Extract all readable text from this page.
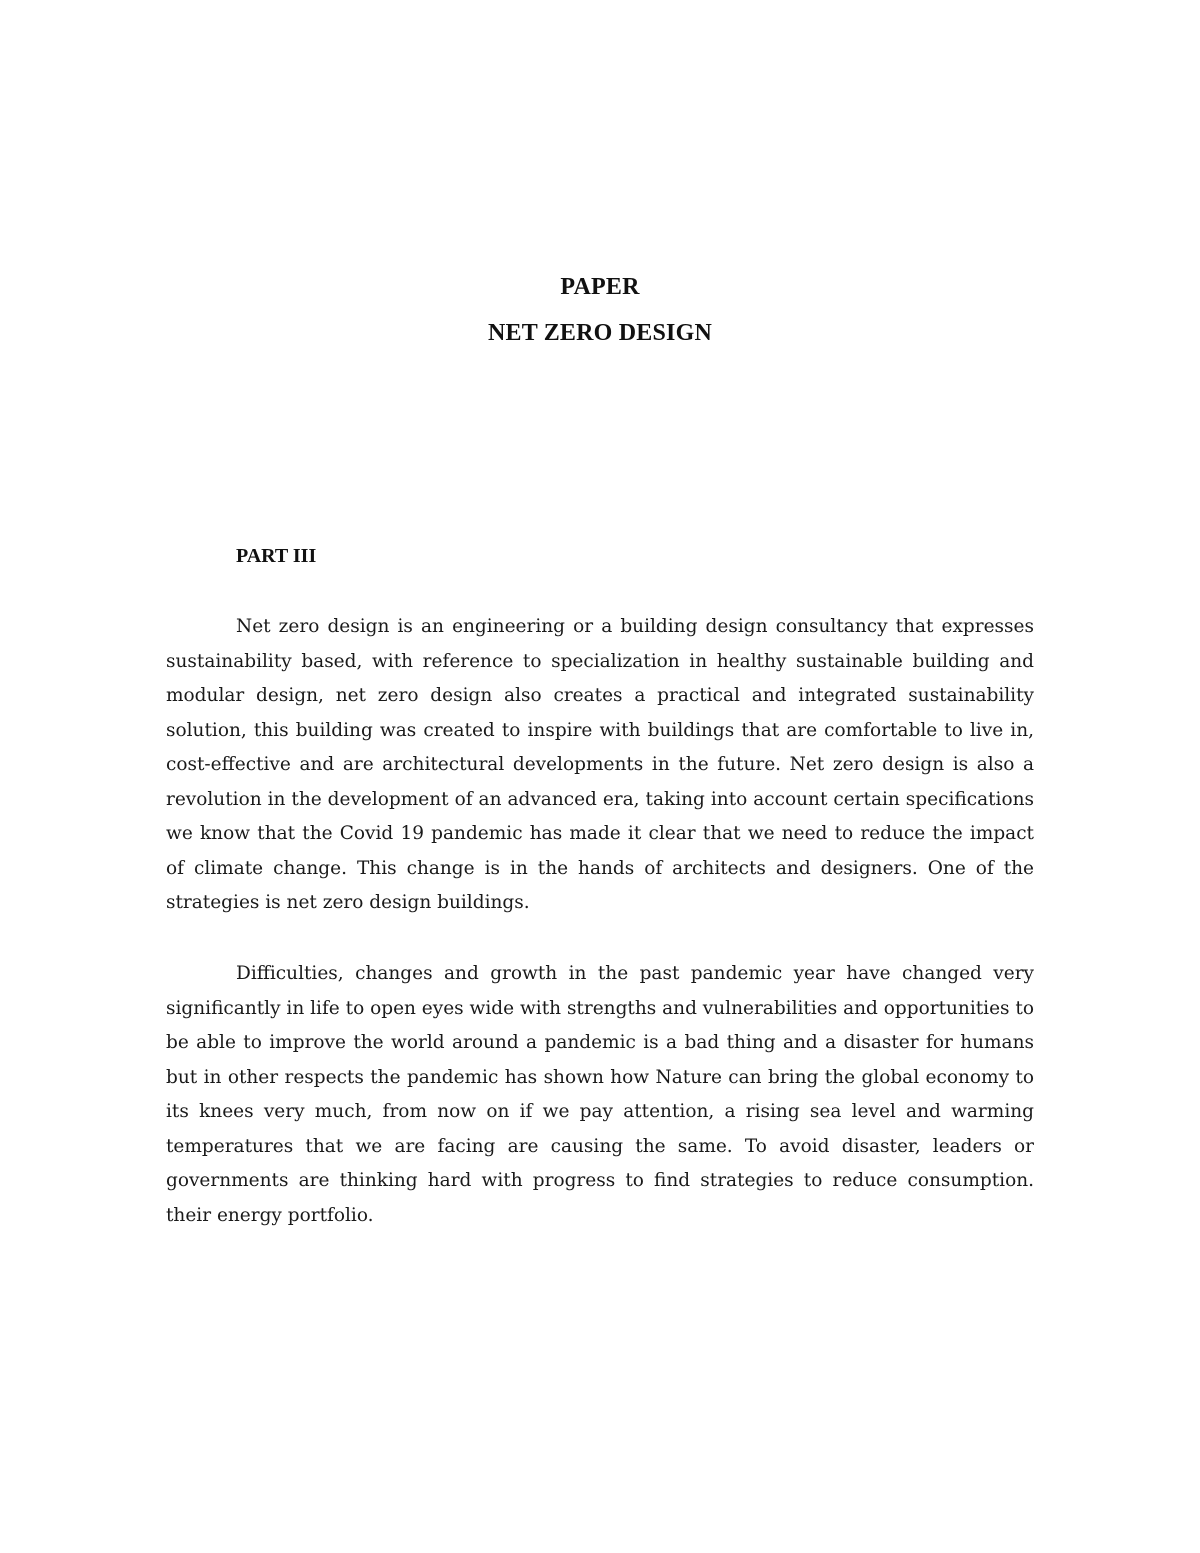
PAPER
NET ZERO DESIGN
PART III

Net zero design is an engineering or a building design consultancy that expresses sustainability based, with reference to specialization in healthy sustainable building and modular design, net zero design also creates a practical and integrated sustainability solution, this building was created to inspire with buildings that are comfortable to live in, cost-effective and are architectural developments in the future. Net zero design is also a revolution in the development of an advanced era, taking into account certain specifications we know that the Covid 19 pandemic has made it clear that we need to reduce the impact of climate change. This change is in the hands of architects and designers. One of the strategies is net zero design buildings.

Difficulties, changes and growth in the past pandemic year have changed very significantly in life to open eyes wide with strengths and vulnerabilities and opportunities to be able to improve the world around a pandemic is a bad thing and a disaster for humans but in other respects the pandemic has shown how Nature can bring the global economy to its knees very much, from now on if we pay attention, a rising sea level and warming temperatures that we are facing are causing the same. To avoid disaster, leaders or governments are thinking hard with progress to find strategies to reduce consumption. their energy portfolio.
